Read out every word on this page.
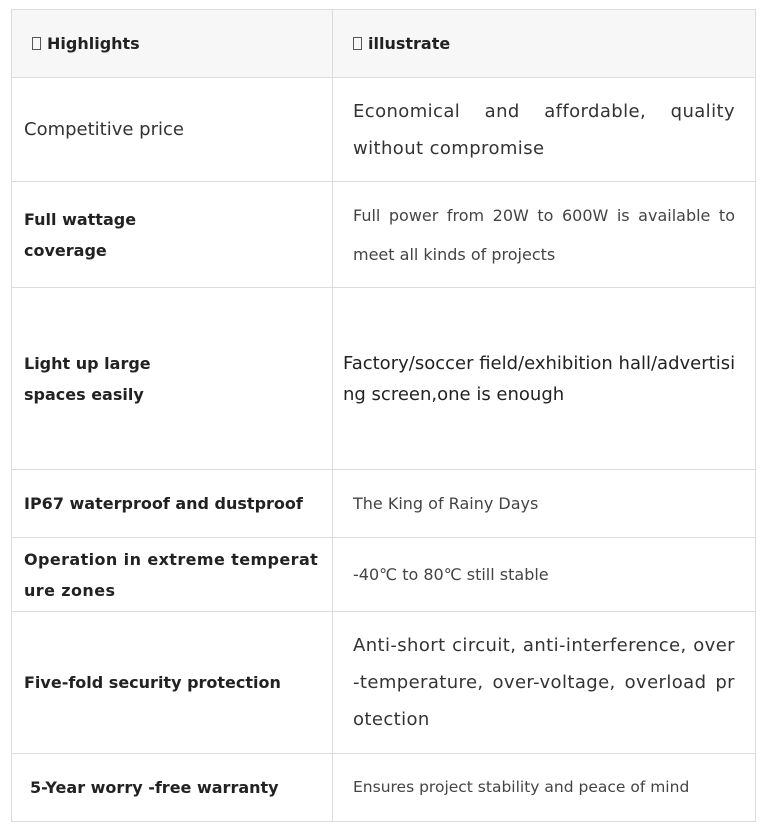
Highlights	illustrate
Competitive price	Economical and affordable, quality without compromise
Full wattage coverage	Full power from 20W to 600W is available to meet all kinds of projects
Light up large spaces easily	Factory/soccer field/exhibition hall/advertising screen,one is enough
IP67 waterproof and dustproof	The King of Rainy Days
Operation in extreme temperature zones	-40℃ to 80℃ still stable
Five-fold security protection	Anti-short circuit, anti-interference, over-temperature, over-voltage, overload protection
5-Year worry -free warranty	Ensures project stability and peace of mind
